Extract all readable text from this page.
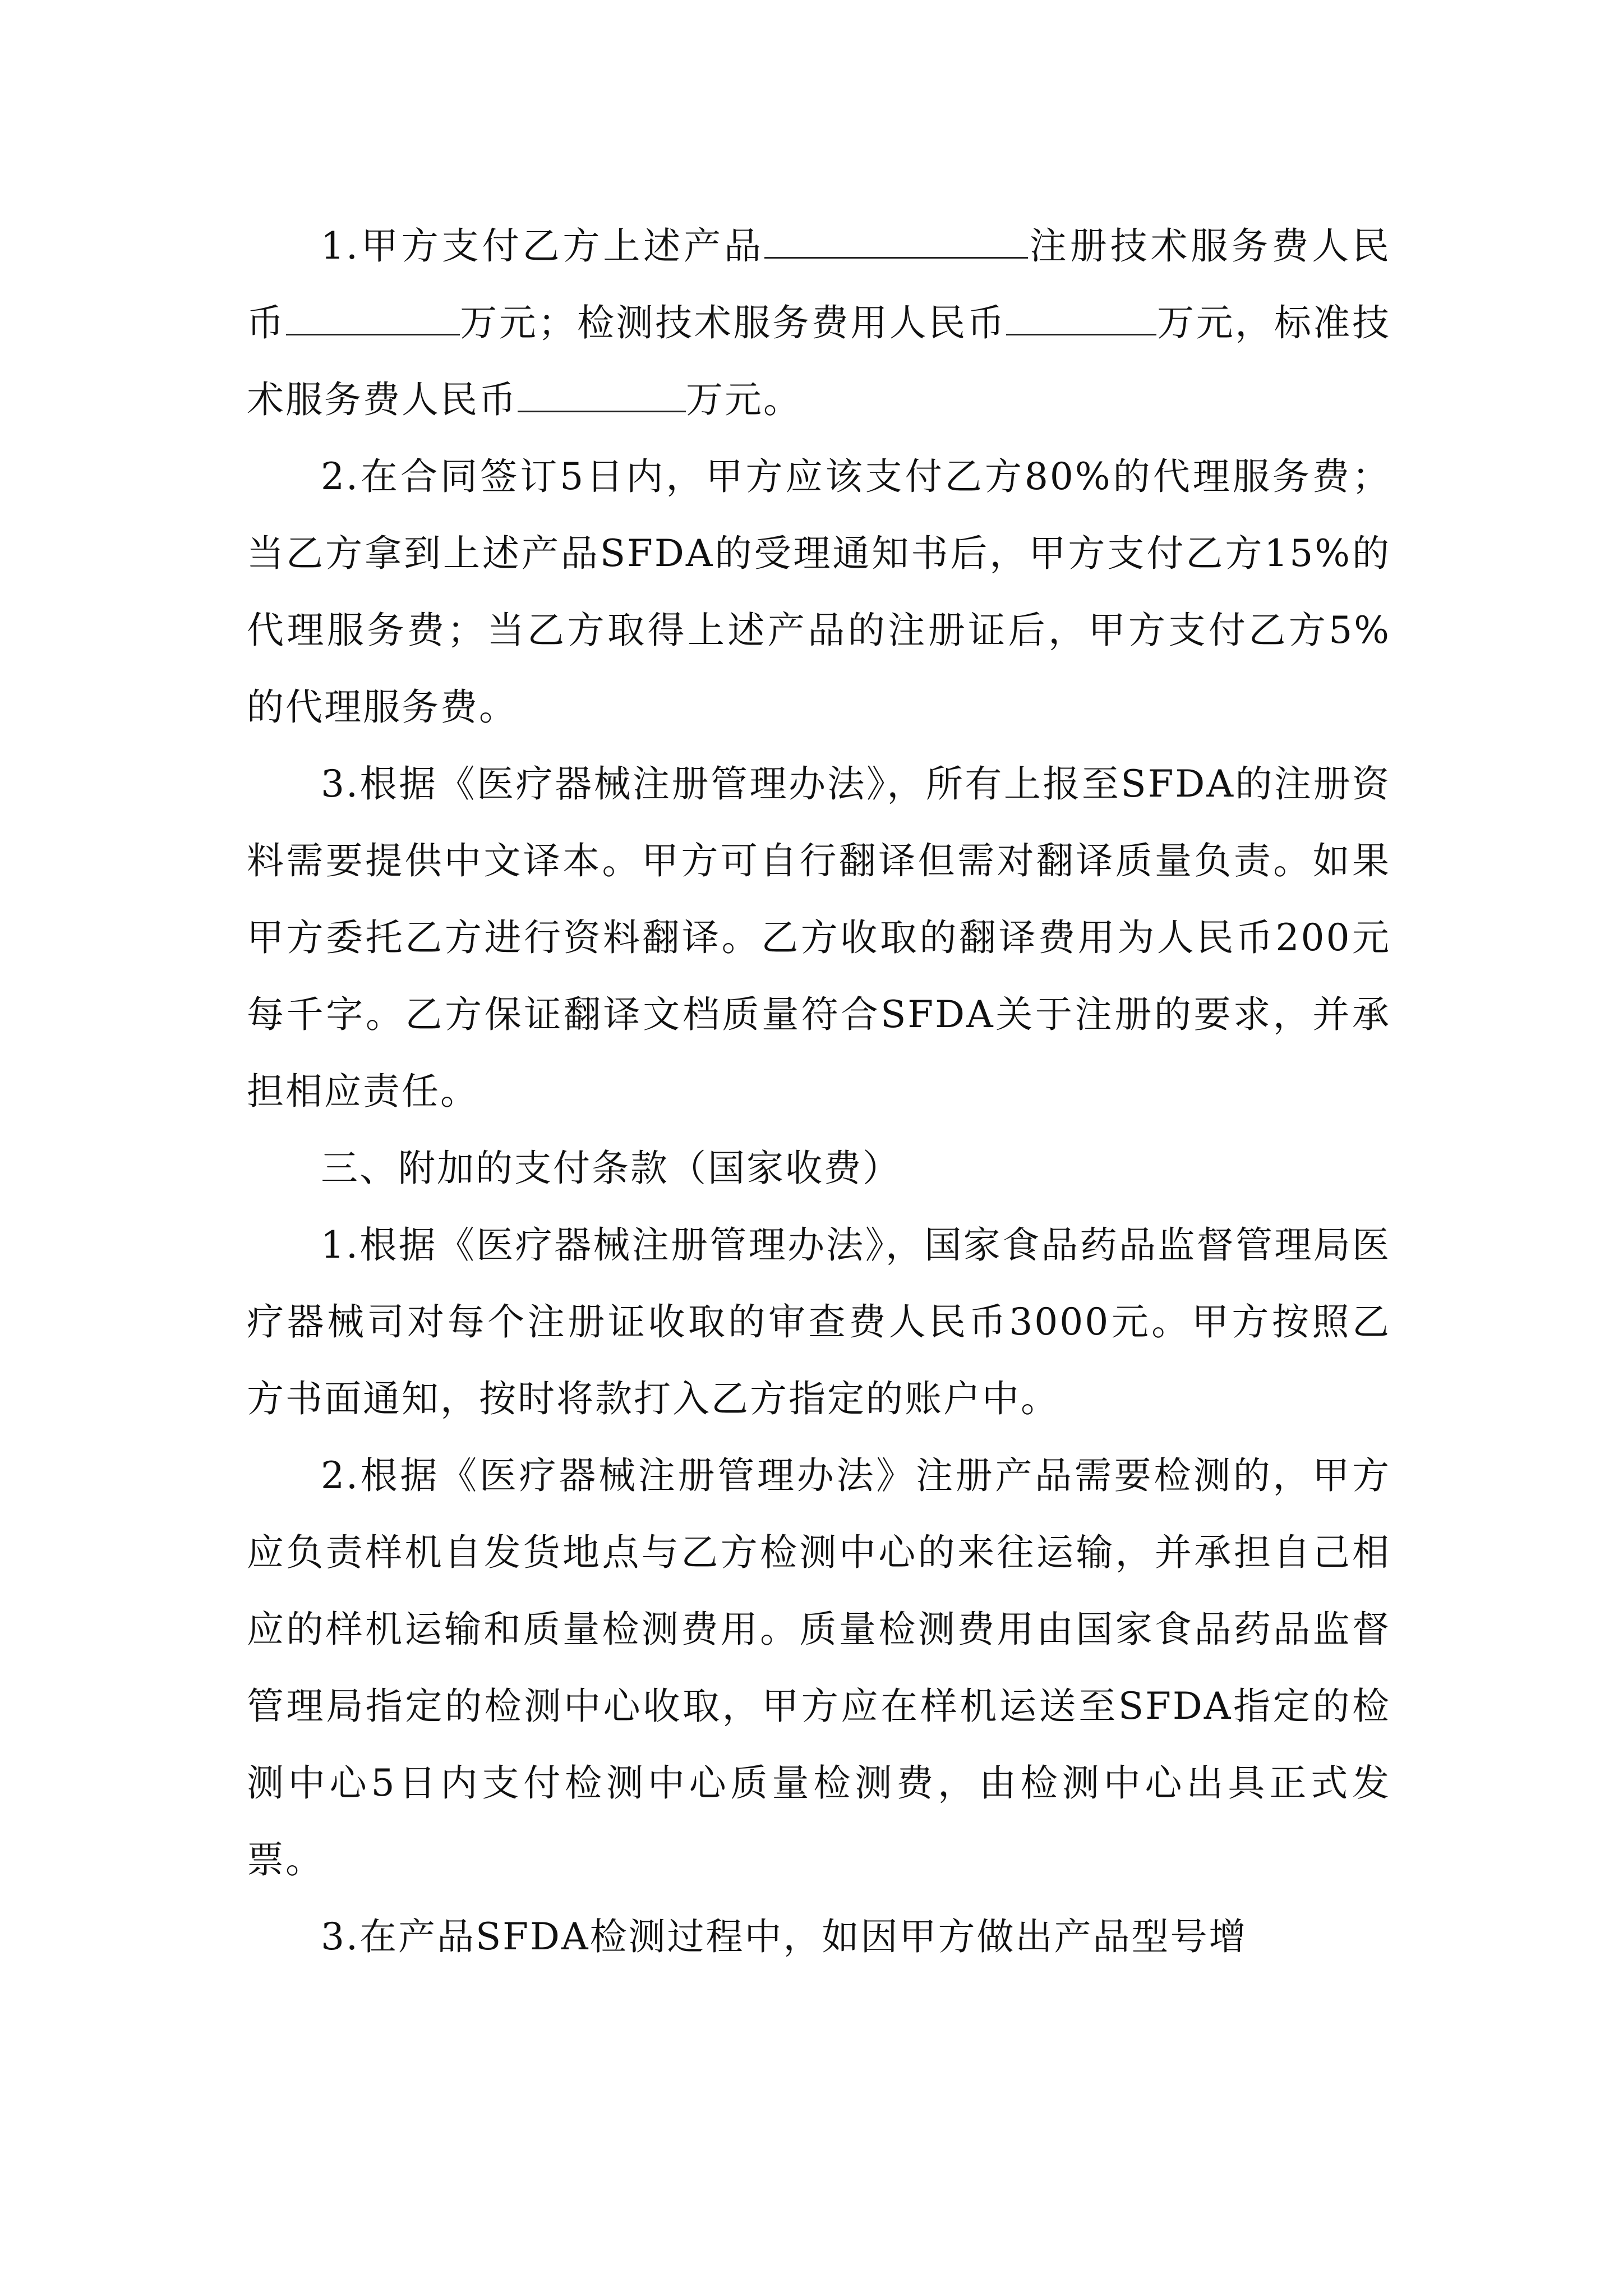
1.甲方支付乙方上述产品	注册技术服务费人民币	万元；检测技术服务费用人民币	万元，标准技术服务费人民币	万元。

2.在合同签订5日内，甲方应该支付乙方80%的代理服务费；当乙方拿到上述产品SFDA的受理通知书后，甲方支付乙方15%的代理服务费；当乙方取得上述产品的注册证后，甲方支付乙方5%的代理服务费。

3.根据《医疗器械注册管理办法》，所有上报至SFDA的注册资料需要提供中文译本。甲方可自行翻译但需对翻译质量负责。如果甲方委托乙方进行资料翻译。乙方收取的翻译费用为人民币200元每千字。乙方保证翻译文档质量符合SFDA关于注册的要求，并承担相应责任。

三、附加的支付条款（国家收费）

1.根据《医疗器械注册管理办法》，国家食品药品监督管理局医疗器械司对每个注册证收取的审查费人民币3000元。甲方按照乙方书面通知，按时将款打入乙方指定的账户中。

2.根据《医疗器械注册管理办法》注册产品需要检测的，甲方应负责样机自发货地点与乙方检测中心的来往运输，并承担自己相应的样机运输和质量检测费用。质量检测费用由国家食品药品监督管理局指定的检测中心收取，甲方应在样机运送至SFDA指定的检测中心5日内支付检测中心质量检测费，由检测中心出具正式发票。

3.在产品SFDA检测过程中，如因甲方做出产品型号增
